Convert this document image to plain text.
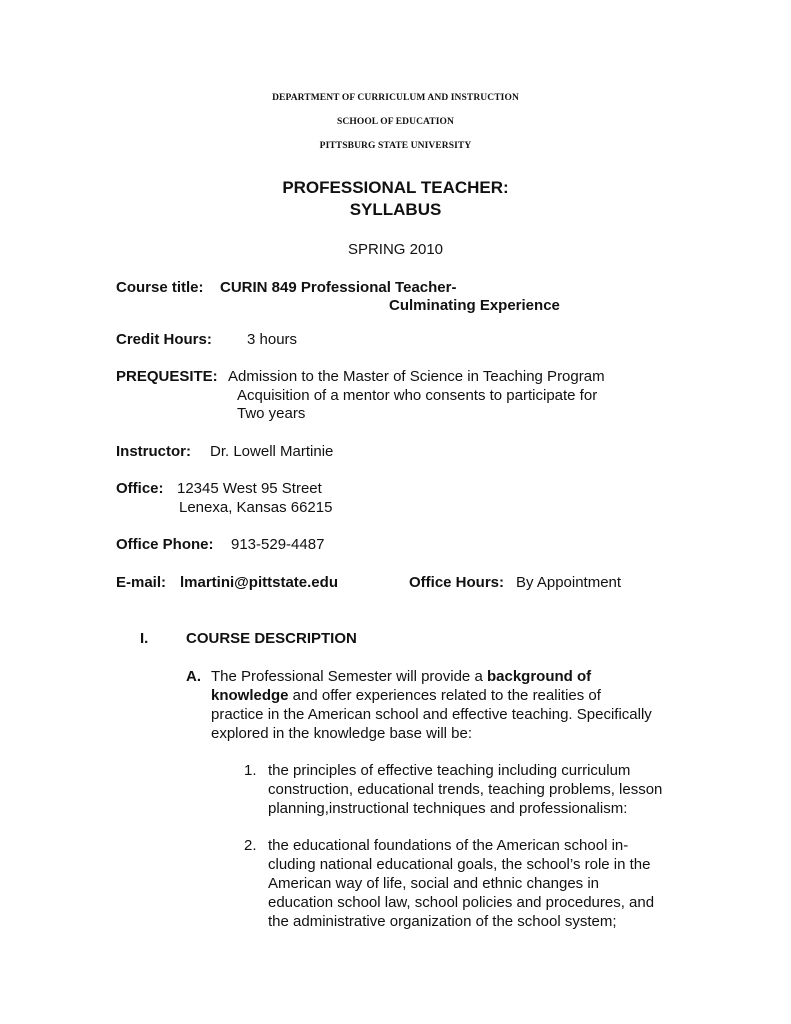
DEPARTMENT OF CURRICULUM AND INSTRUCTION
SCHOOL OF EDUCATION
PITTSBURG STATE UNIVERSITY
PROFESSIONAL TEACHER:
SYLLABUS
SPRING 2010
Course title: CURIN 849 Professional Teacher-
Culminating Experience
Credit Hours: 3 hours
PREQUESITE: Admission to the Master of Science in Teaching Program
Acquisition of a mentor who consents to participate for
Two years
Instructor: Dr. Lowell Martinie
Office: 12345 West 95 Street
Lenexa, Kansas 66215
Office Phone: 913-529-4487
E-mail: lmartini@pittstate.edu	Office Hours: By Appointment
I.	COURSE DESCRIPTION
A. The Professional Semester will provide a background of
knowledge and offer experiences related to the realities of
practice in the American school and effective teaching. Specifically
explored in the knowledge base will be:
1. the principles of effective teaching including curriculum
construction, educational trends, teaching problems, lesson
planning,instructional techniques and professionalism:
2. the educational foundations of the American school in-
cluding national educational goals, the school’s role in the
American way of life, social and ethnic changes in
education school law, school policies and procedures, and
the administrative organization of the school system;
